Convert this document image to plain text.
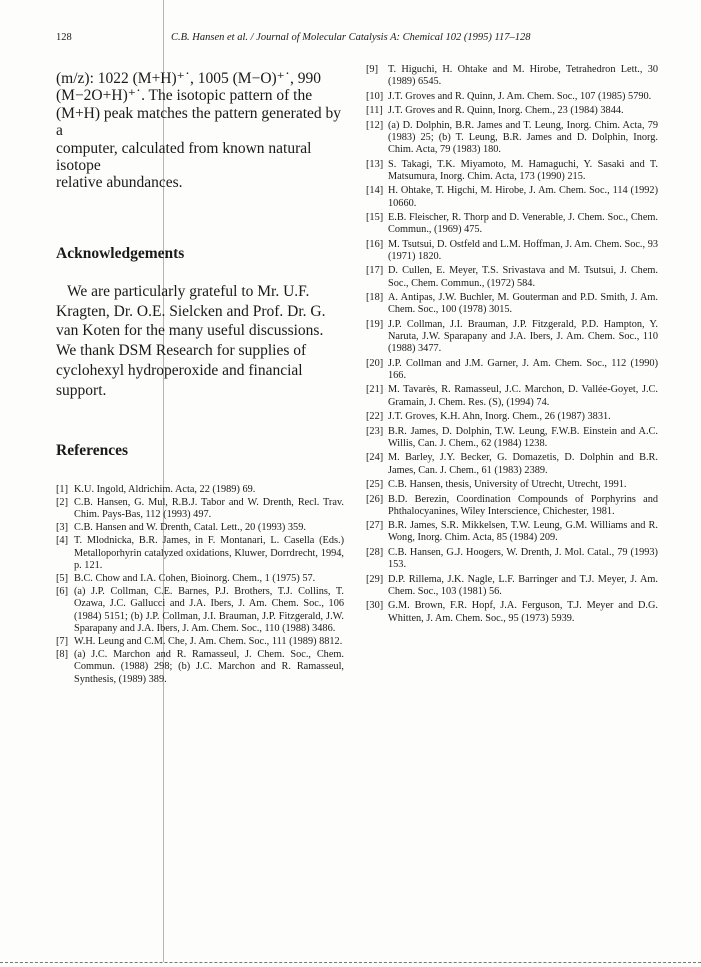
128	C.B. Hansen et al. / Journal of Molecular Catalysis A: Chemical 102 (1995) 117–128

(m/z): 1022 (M+H)⁺˙, 1005 (M−O)⁺˙, 990
(M−2O+H)⁺˙. The isotopic pattern of the
(M+H) peak matches the pattern generated by a
computer, calculated from known natural isotope
relative abundances.

Acknowledgements

We are particularly grateful to Mr. U.F. Kragten, Dr. O.E. Sielcken and Prof. Dr. G. van Koten for the many useful discussions. We thank DSM Research for supplies of cyclohexyl hydroperoxide and financial support.

References
[1] K.U. Ingold, Aldrichim. Acta, 22 (1989) 69.
[2] C.B. Hansen, G. Mul, R.B.J. Tabor and W. Drenth, Recl. Trav. Chim. Pays-Bas, 112 (1993) 497.
[3] C.B. Hansen and W. Drenth, Catal. Lett., 20 (1993) 359.
[4] T. Mlodnicka, B.R. James, in F. Montanari, L. Casella (Eds.) Metalloporhyrin catalyzed oxidations, Kluwer, Dorrdrecht, 1994, p. 121.
[5] B.C. Chow and I.A. Cohen, Bioinorg. Chem., 1 (1975) 57.
[6] (a) J.P. Collman, C.E. Barnes, P.J. Brothers, T.J. Collins, T. Ozawa, J.C. Gallucci and J.A. Ibers, J. Am. Chem. Soc., 106 (1984) 5151; (b) J.P. Collman, J.I. Brauman, J.P. Fitzgerald, J.W. Sparapany and J.A. Ibers, J. Am. Chem. Soc., 110 (1988) 3486.
[7] W.H. Leung and C.M. Che, J. Am. Chem. Soc., 111 (1989) 8812.
[8] (a) J.C. Marchon and R. Ramasseul, J. Chem. Soc., Chem. Commun. (1988) 298; (b) J.C. Marchon and R. Ramasseul, Synthesis, (1989) 389.
[9] T. Higuchi, H. Ohtake and M. Hirobe, Tetrahedron Lett., 30 (1989) 6545.
[10] J.T. Groves and R. Quinn, J. Am. Chem. Soc., 107 (1985) 5790.
[11] J.T. Groves and R. Quinn, Inorg. Chem., 23 (1984) 3844.
[12] (a) D. Dolphin, B.R. James and T. Leung, Inorg. Chim. Acta, 79 (1983) 25; (b) T. Leung, B.R. James and D. Dolphin, Inorg. Chim. Acta, 79 (1983) 180.
[13] S. Takagi, T.K. Miyamoto, M. Hamaguchi, Y. Sasaki and T. Matsumura, Inorg. Chim. Acta, 173 (1990) 215.
[14] H. Ohtake, T. Higchi, M. Hirobe, J. Am. Chem. Soc., 114 (1992) 10660.
[15] E.B. Fleischer, R. Thorp and D. Venerable, J. Chem. Soc., Chem. Commun., (1969) 475.
[16] M. Tsutsui, D. Ostfeld and L.M. Hoffman, J. Am. Chem. Soc., 93 (1971) 1820.
[17] D. Cullen, E. Meyer, T.S. Srivastava and M. Tsutsui, J. Chem. Soc., Chem. Commun., (1972) 584.
[18] A. Antipas, J.W. Buchler, M. Gouterman and P.D. Smith, J. Am. Chem. Soc., 100 (1978) 3015.
[19] J.P. Collman, J.I. Brauman, J.P. Fitzgerald, P.D. Hampton, Y. Naruta, J.W. Sparapany and J.A. Ibers, J. Am. Chem. Soc., 110 (1988) 3477.
[20] J.P. Collman and J.M. Garner, J. Am. Chem. Soc., 112 (1990) 166.
[21] M. Tavarès, R. Ramasseul, J.C. Marchon, D. Vallée-Goyet, J.C. Gramain, J. Chem. Res. (S), (1994) 74.
[22] J.T. Groves, K.H. Ahn, Inorg. Chem., 26 (1987) 3831.
[23] B.R. James, D. Dolphin, T.W. Leung, F.W.B. Einstein and A.C. Willis, Can. J. Chem., 62 (1984) 1238.
[24] M. Barley, J.Y. Becker, G. Domazetis, D. Dolphin and B.R. James, Can. J. Chem., 61 (1983) 2389.
[25] C.B. Hansen, thesis, University of Utrecht, Utrecht, 1991.
[26] B.D. Berezin, Coordination Compounds of Porphyrins and Phthalocyanines, Wiley Interscience, Chichester, 1981.
[27] B.R. James, S.R. Mikkelsen, T.W. Leung, G.M. Williams and R. Wong, Inorg. Chim. Acta, 85 (1984) 209.
[28] C.B. Hansen, G.J. Hoogers, W. Drenth, J. Mol. Catal., 79 (1993) 153.
[29] D.P. Rillema, J.K. Nagle, L.F. Barringer and T.J. Meyer, J. Am. Chem. Soc., 103 (1981) 56.
[30] G.M. Brown, F.R. Hopf, J.A. Ferguson, T.J. Meyer and D.G. Whitten, J. Am. Chem. Soc., 95 (1973) 5939.
